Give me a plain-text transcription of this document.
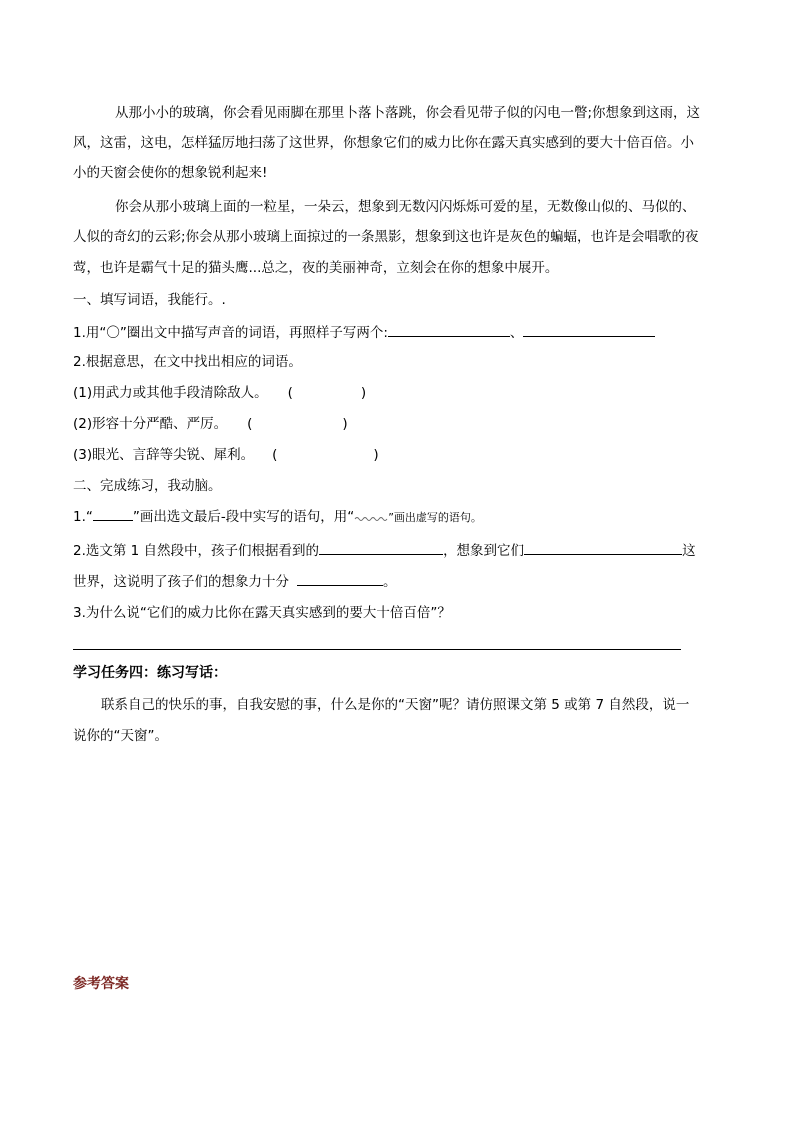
从那小小的玻璃，你会看见雨脚在那里卜落卜落跳，你会看见带子似的闪电一瞥;你想象到这雨，这
风，这雷，这电，怎样猛厉地扫荡了这世界，你想象它们的威力比你在露天真实感到的要大十倍百倍。小
小的天窗会使你的想象锐利起来!
你会从那小玻璃上面的一粒星，一朵云，想象到无数闪闪烁烁可爱的星，无数像山似的、马似的、
人似的奇幻的云彩;你会从那小玻璃上面掠过的一条黑影，想象到这也许是灰色的蝙蝠，也许是会唱歌的夜
莺，也许是霸气十足的猫头鹰...总之，夜的美丽神奇，立刻会在你的想象中展开。
一、填写词语，我能行。.
1.用“〇”圈出文中描写声音的词语，再照样子写两个:	、
2.根据意思，在文中找出相应的词语。
(1)用武力或其他手段清除敌人。 (	)
(2)形容十分严酷、严厉。 (	)
(3)眼光、言辞等尖锐、犀利。 (	)
二、完成练习，我动脑。
1.“	”画出选文最后-段中实写的语句，用“	”画出虚写的语句。
2.选文第 1 自然段中，孩子们根据看到的	，想象到它们	这
世界，这说明了孩子们的想象力十分	。
3.为什么说“它们的威力比你在露天真实感到的要大十倍百倍”？
学习任务四：练习写话：
联系自己的快乐的事，自我安慰的事，什么是你的“天窗”呢？请仿照课文第 5 或第 7 自然段，说一
说你的“天窗”。
参考答案
